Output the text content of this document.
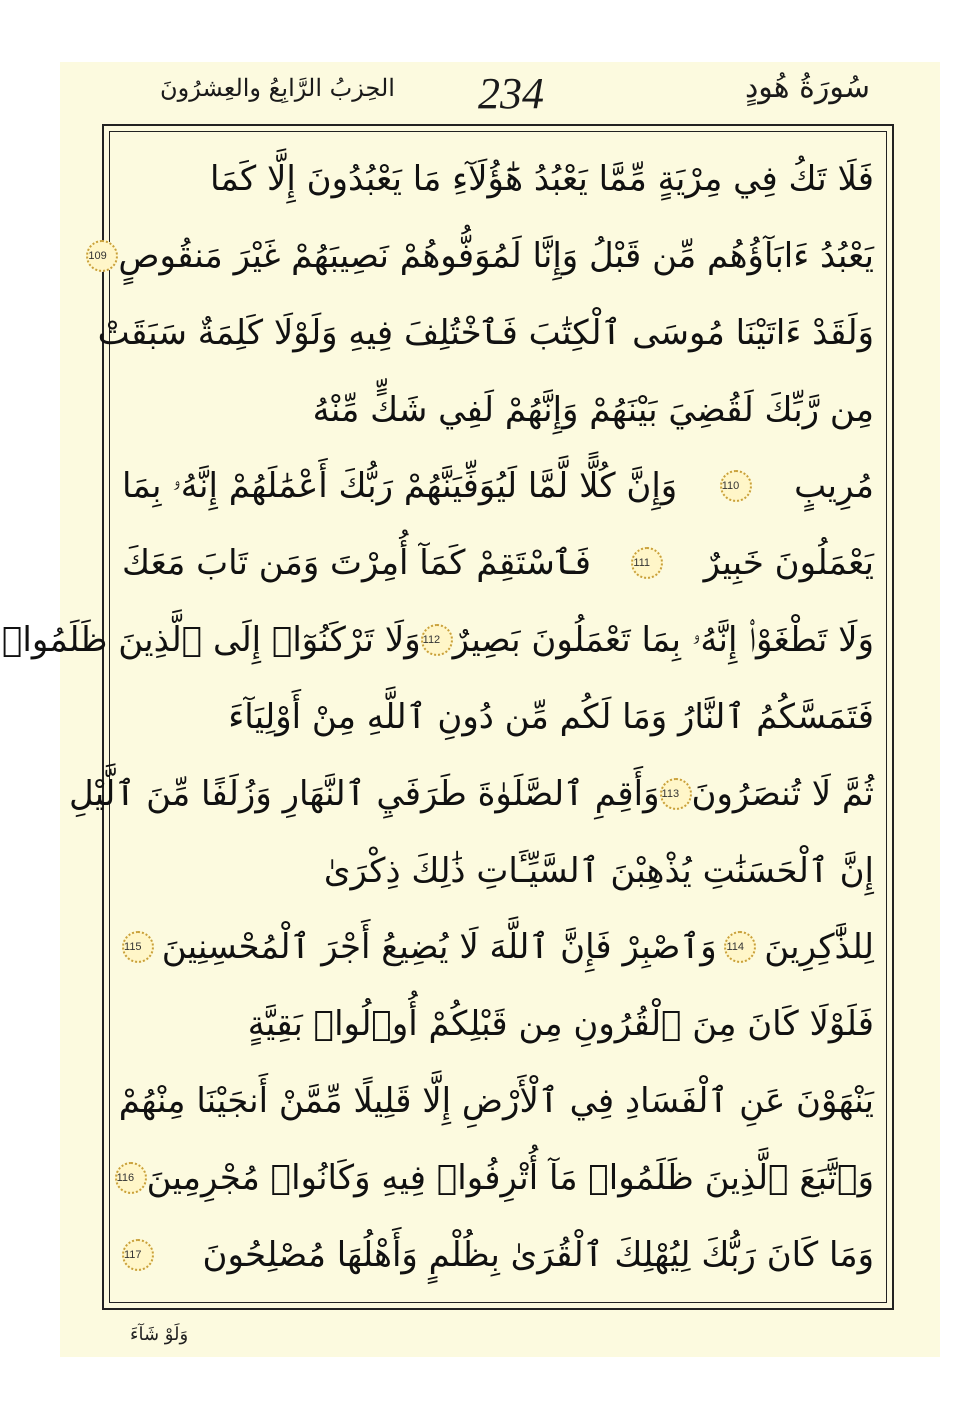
سُورَةُ هُودٍ
234
الحِزبُ الرَّابِعُ والعِشرُونَ
فَلَا تَكُ فِي مِرْيَةٍ مِّمَّا يَعْبُدُ هَٰٓؤُلَآءِ مَا يَعْبُدُونَ إِلَّا كَمَا
يَعْبُدُ ءَابَآؤُهُم مِّن قَبْلُ وَإِنَّا لَمُوَفُّوهُمْ نَصِيبَهُمْ غَيْرَ مَنقُوصٍ
109
وَلَقَدْ ءَاتَيْنَا مُوسَى ٱلْكِتَٰبَ فَٱخْتُلِفَ فِيهِ وَلَوْلَا كَلِمَةٌ سَبَقَتْ
مِن رَّبِّكَ لَقُضِيَ بَيْنَهُمْ وَإِنَّهُمْ لَفِي شَكٍّ مِّنْهُ
مُرِيبٍ
110
وَإِنَّ كُلًّا لَّمَّا لَيُوَفِّيَنَّهُمْ رَبُّكَ أَعْمَٰلَهُمْ إِنَّهُۥ بِمَا
يَعْمَلُونَ خَبِيرٌ
111
فَٱسْتَقِمْ كَمَآ أُمِرْتَ وَمَن تَابَ مَعَكَ
وَلَا تَطْغَوْا۟ إِنَّهُۥ بِمَا تَعْمَلُونَ بَصِيرٌ
112
وَلَا تَرْكَنُوٓا۟ إِلَى ٱلَّذِينَ ظَلَمُوا۟
فَتَمَسَّكُمُ ٱلنَّارُ وَمَا لَكُم مِّن دُونِ ٱللَّهِ مِنْ أَوْلِيَآءَ
ثُمَّ لَا تُنصَرُونَ
113
وَأَقِمِ ٱلصَّلَوٰةَ طَرَفَيِ ٱلنَّهَارِ وَزُلَفًا مِّنَ ٱلَّيْلِ
إِنَّ ٱلْحَسَنَٰتِ يُذْهِبْنَ ٱلسَّيِّـَٔاتِ ذَٰلِكَ ذِكْرَىٰ
لِلذَّٰكِرِينَ
114
وَٱصْبِرْ فَإِنَّ ٱللَّهَ لَا يُضِيعُ أَجْرَ ٱلْمُحْسِنِينَ
115
فَلَوْلَا كَانَ مِنَ ٱلْقُرُونِ مِن قَبْلِكُمْ أُو۟لُوا۟ بَقِيَّةٍ
يَنْهَوْنَ عَنِ ٱلْفَسَادِ فِي ٱلْأَرْضِ إِلَّا قَلِيلًا مِّمَّنْ أَنجَيْنَا مِنْهُمْ
وَٱتَّبَعَ ٱلَّذِينَ ظَلَمُوا۟ مَآ أُتْرِفُوا۟ فِيهِ وَكَانُوا۟ مُجْرِمِينَ
116
وَمَا كَانَ رَبُّكَ لِيُهْلِكَ ٱلْقُرَىٰ بِظُلْمٍ وَأَهْلُهَا مُصْلِحُونَ
117
وَلَوْ شَآءَ
